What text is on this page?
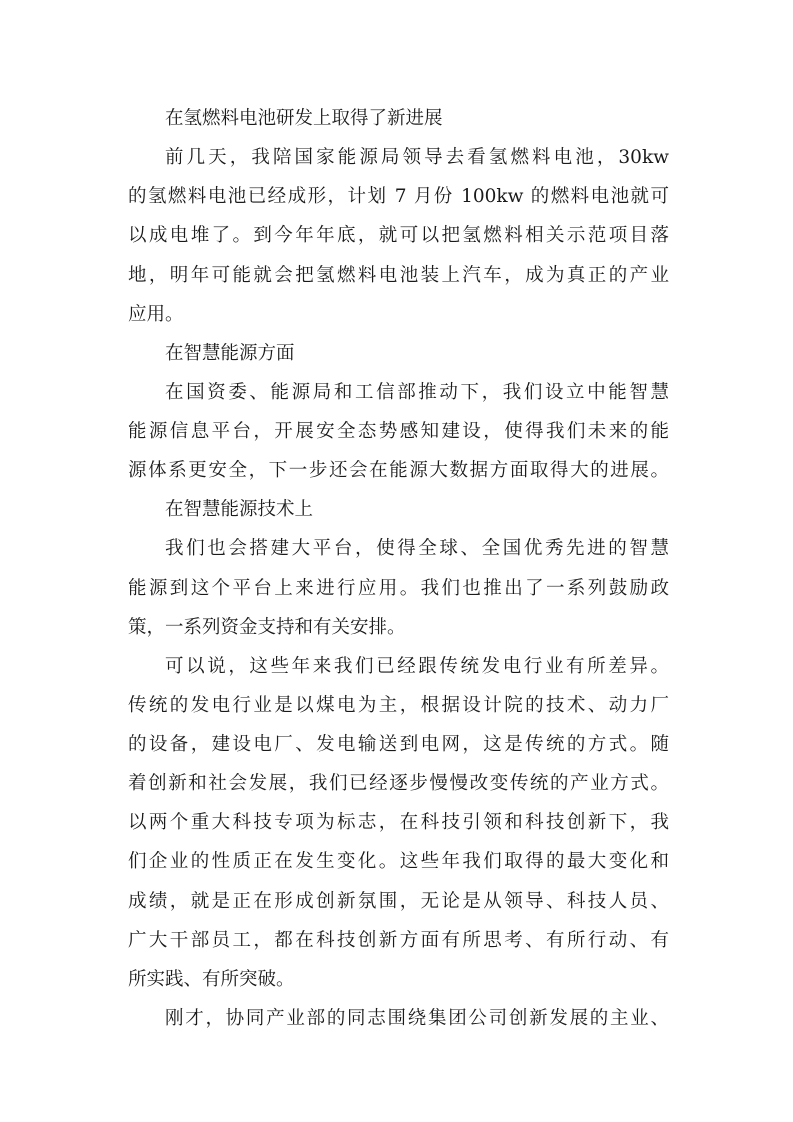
在氢燃料电池研发上取得了新进展
前几天，我陪国家能源局领导去看氢燃料电池，30kw
的氢燃料电池已经成形，计划 7 月份 100kw 的燃料电池就可
以成电堆了。到今年年底，就可以把氢燃料相关示范项目落
地，明年可能就会把氢燃料电池装上汽车，成为真正的产业
应用。
在智慧能源方面
在国资委、能源局和工信部推动下，我们设立中能智慧
能源信息平台，开展安全态势感知建设，使得我们未来的能
源体系更安全，下一步还会在能源大数据方面取得大的进展。
在智慧能源技术上
我们也会搭建大平台，使得全球、全国优秀先进的智慧
能源到这个平台上来进行应用。我们也推出了一系列鼓励政
策，一系列资金支持和有关安排。
可以说，这些年来我们已经跟传统发电行业有所差异。
传统的发电行业是以煤电为主，根据设计院的技术、动力厂
的设备，建设电厂、发电输送到电网，这是传统的方式。随
着创新和社会发展，我们已经逐步慢慢改变传统的产业方式。
以两个重大科技专项为标志，在科技引领和科技创新下，我
们企业的性质正在发生变化。这些年我们取得的最大变化和
成绩，就是正在形成创新氛围，无论是从领导、科技人员、
广大干部员工，都在科技创新方面有所思考、有所行动、有
所实践、有所突破。
刚才，协同产业部的同志围绕集团公司创新发展的主业、
